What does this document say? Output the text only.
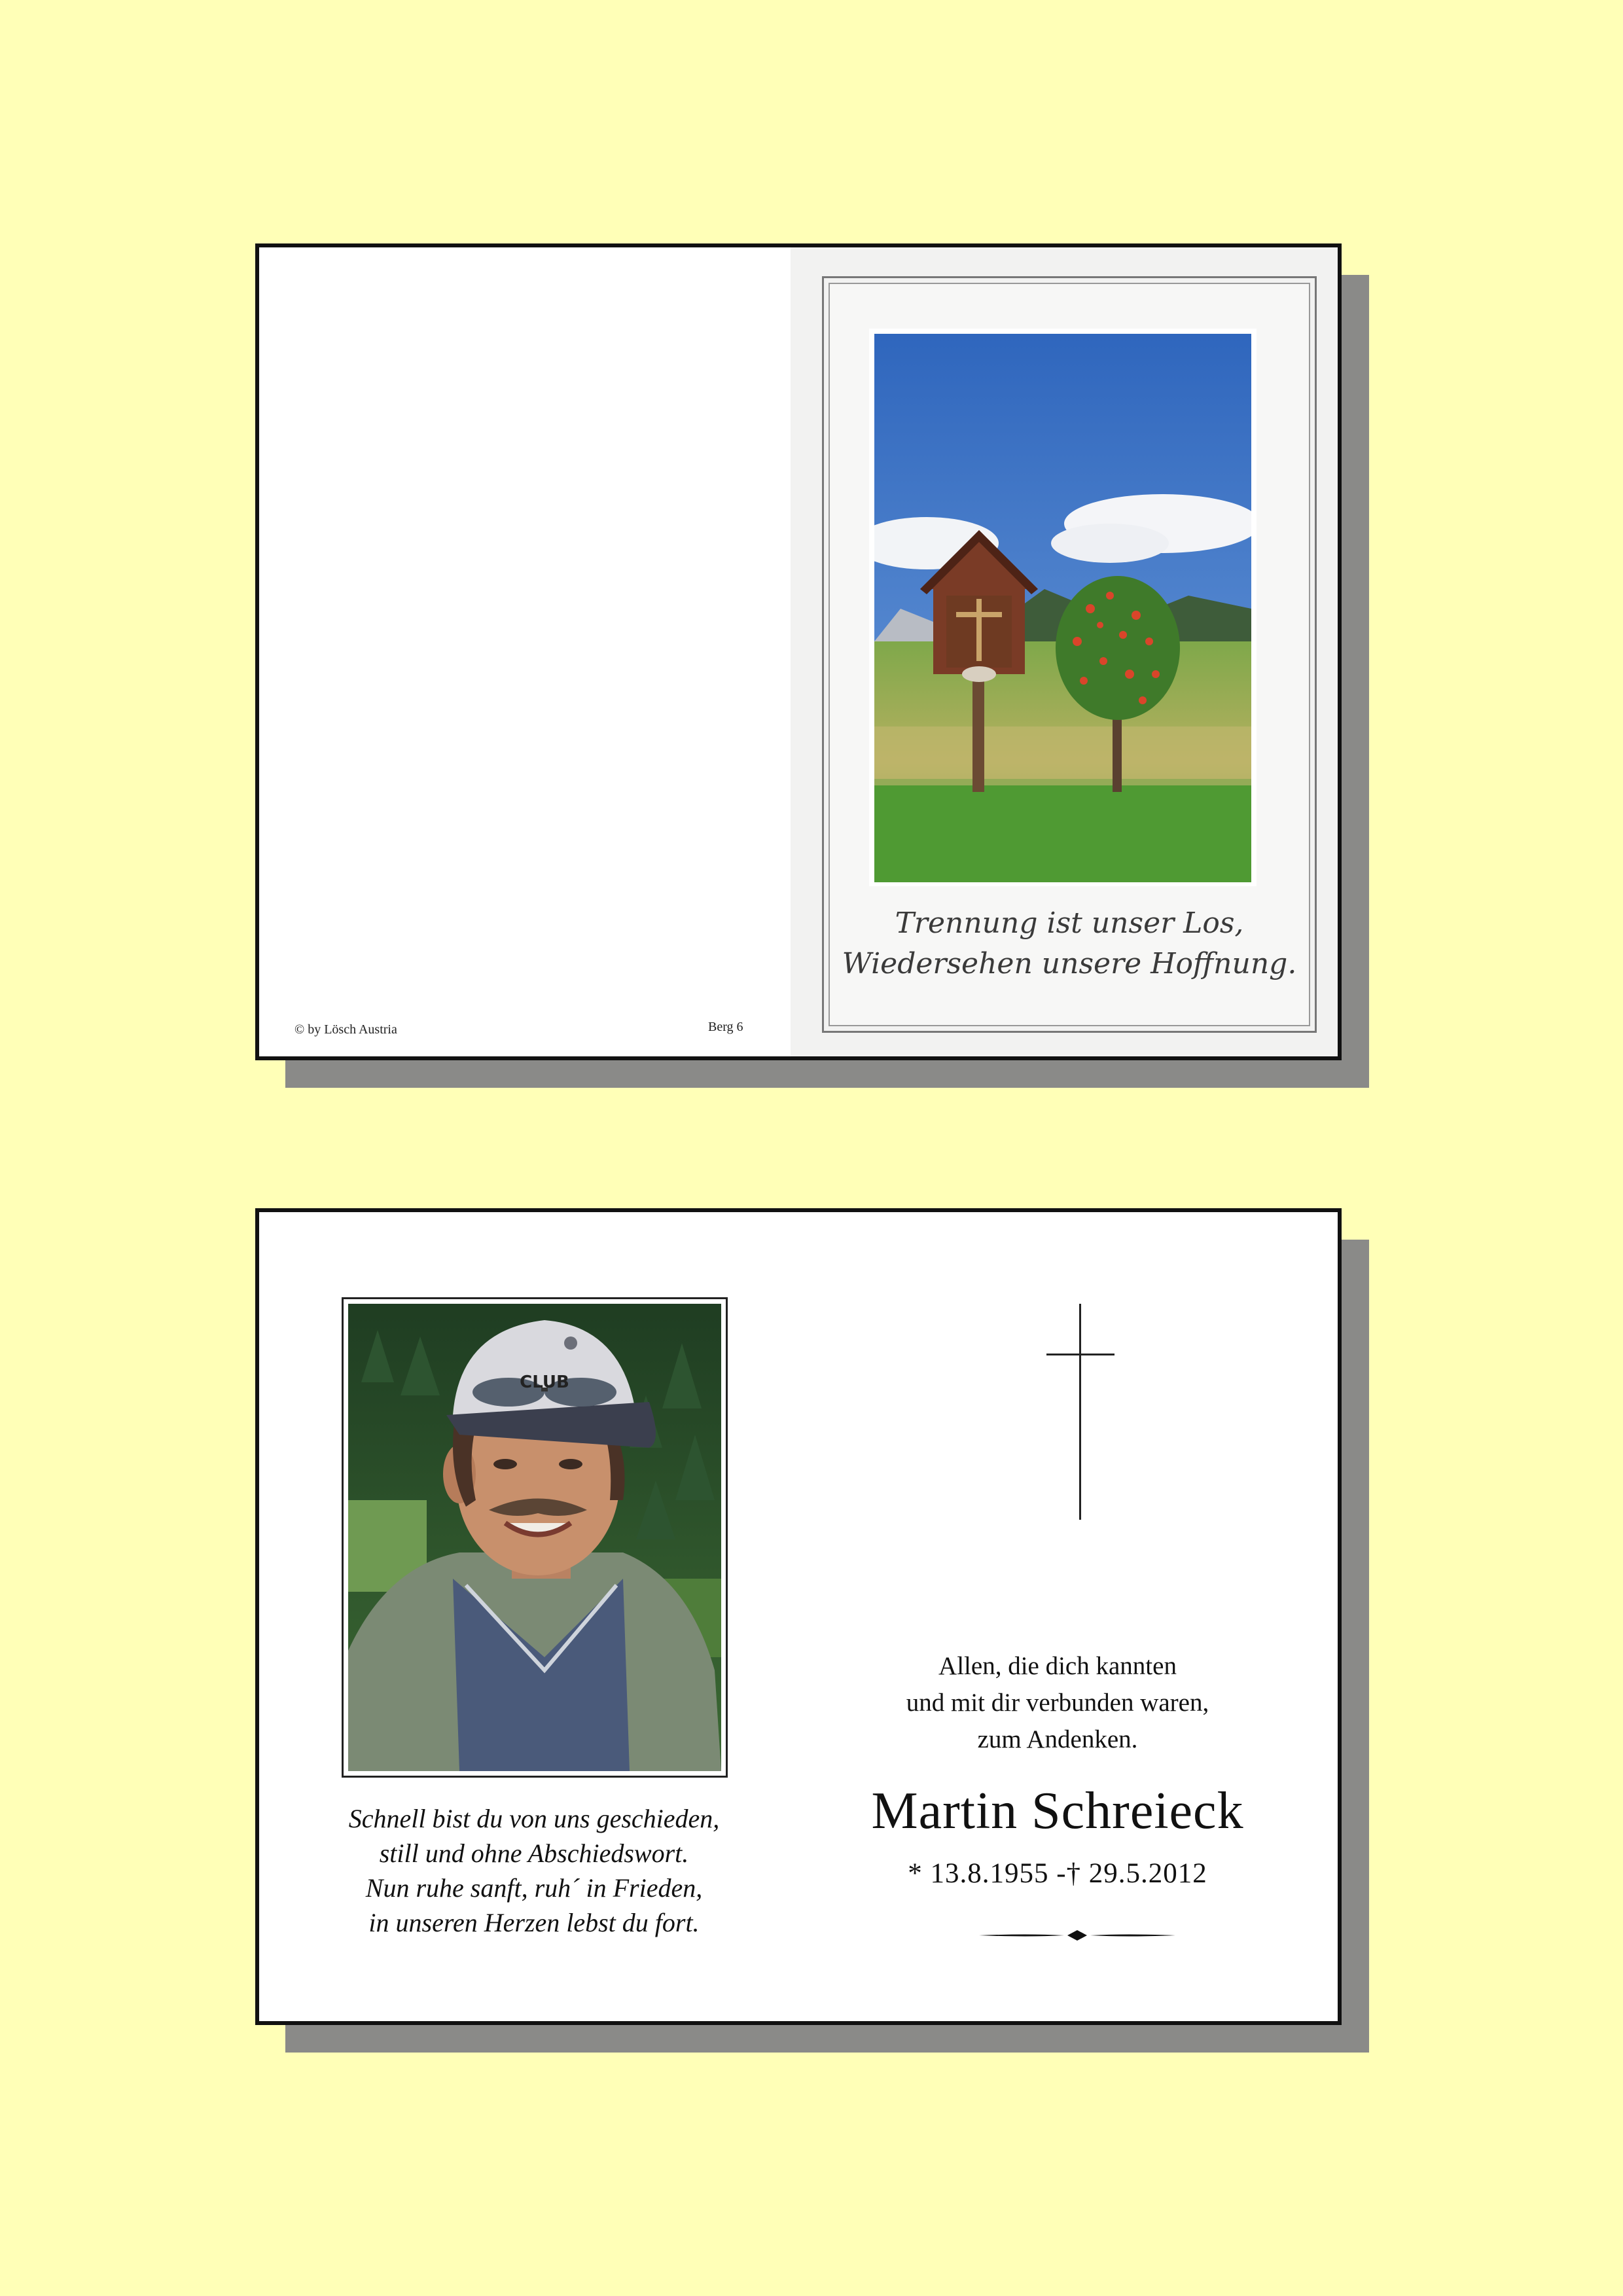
© by Lösch Austria	Berg 6
Trennung ist unser Los,
Wiedersehen unsere Hoffnung.
CLUB
Schnell bist du von uns geschieden,
still und ohne Abschiedswort.
Nun ruhe sanft, ruh´ in Frieden,
in unseren Herzen lebst du fort.
Allen, die dich kannten
und mit dir verbunden waren,
zum Andenken.
Martin Schreieck
* 13.8.1955 -† 29.5.2012
